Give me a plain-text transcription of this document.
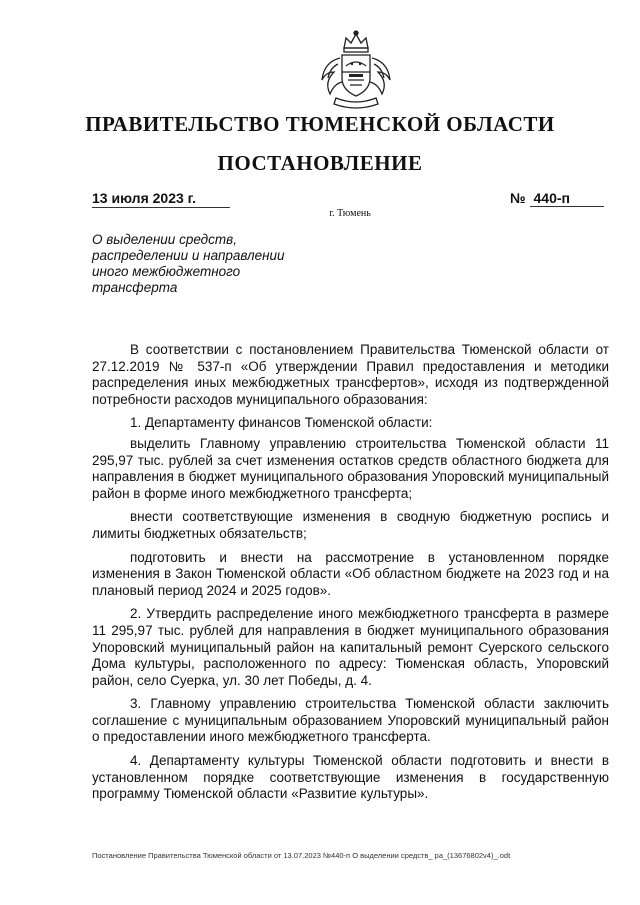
ПРАВИТЕЛЬСТВО ТЮМЕНСКОЙ ОБЛАСТИ
ПОСТАНОВЛЕНИЕ
13 июля 2023 г.	№ 440-п
г. Тюмень
О выделении средств,
распределении и направлении
иного межбюджетного
трансферта

В соответствии с постановлением Правительства Тюменской области от 27.12.2019 № 537-п «Об утверждении Правил предоставления и методики распределения иных межбюджетных трансфертов», исходя из подтвержденной потребности расходов муниципального образования:

1. Департаменту финансов Тюменской области:

выделить Главному управлению строительства Тюменской области 11 295,97 тыс. рублей за счет изменения остатков средств областного бюджета для направления в бюджет муниципального образования Упоровский муниципальный район в форме иного межбюджетного трансферта;

внести соответствующие изменения в сводную бюджетную роспись и лимиты бюджетных обязательств;

подготовить и внести на рассмотрение в установленном порядке изменения в Закон Тюменской области «Об областном бюджете на 2023 год и на плановый период 2024 и 2025 годов».

2. Утвердить распределение иного межбюджетного трансферта в размере 11 295,97 тыс. рублей для направления в бюджет муниципального образования Упоровский муниципальный район на капитальный ремонт Суерского сельского Дома культуры, расположенного по адресу: Тюменская область, Упоровский район, село Суерка, ул. 30 лет Победы, д. 4.

3. Главному управлению строительства Тюменской области заключить соглашение с муниципальным образованием Упоровский муниципальный район о предоставлении иного межбюджетного трансферта.

4. Департаменту культуры Тюменской области подготовить и внести в установленном порядке соответствующие изменения в государственную программу Тюменской области «Развитие культуры».

Постановление Правительства Тюменской области от 13.07.2023 №440-п О выделении средств_ ра_(13676802v4)_.odt
